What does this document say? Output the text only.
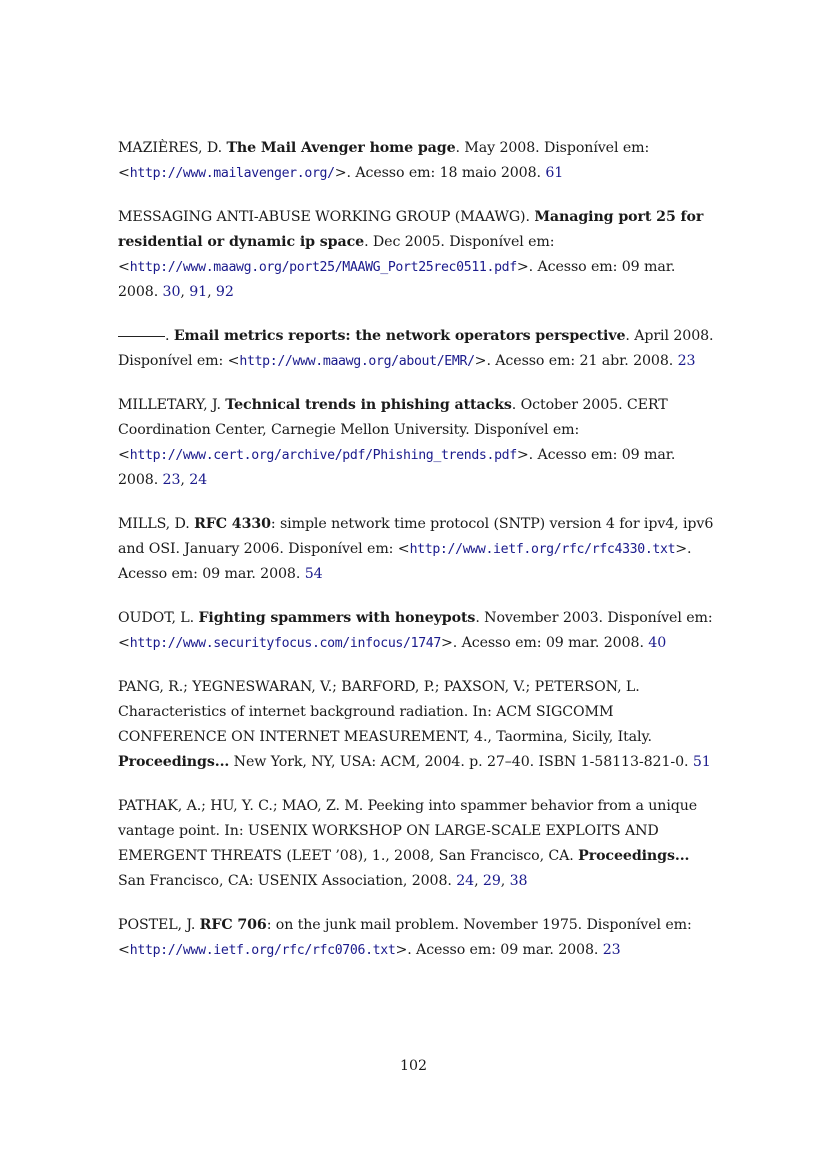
MAZIÈRES, D. The Mail Avenger home page. May 2008. Disponível em: <http://www.mailavenger.org/>. Acesso em: 18 maio 2008. 61

MESSAGING ANTI-ABUSE WORKING GROUP (MAAWG). Managing port 25 for residential or dynamic ip space. Dec 2005. Disponível em: <http://www.maawg.org/port25/MAAWG_Port25rec0511.pdf>. Acesso em: 09 mar. 2008. 30, 91, 92

. Email metrics reports: the network operators perspective. April 2008. Disponível em: <http://www.maawg.org/about/EMR/>. Acesso em: 21 abr. 2008. 23

MILLETARY, J. Technical trends in phishing attacks. October 2005. CERT Coordination Center, Carnegie Mellon University. Disponível em: <http://www.cert.org/archive/pdf/Phishing_trends.pdf>. Acesso em: 09 mar. 2008. 23, 24

MILLS, D. RFC 4330: simple network time protocol (SNTP) version 4 for ipv4, ipv6 and OSI. January 2006. Disponível em: <http://www.ietf.org/rfc/rfc4330.txt>. Acesso em: 09 mar. 2008. 54

OUDOT, L. Fighting spammers with honeypots. November 2003. Disponível em: <http://www.securityfocus.com/infocus/1747>. Acesso em: 09 mar. 2008. 40

PANG, R.; YEGNESWARAN, V.; BARFORD, P.; PAXSON, V.; PETERSON, L. Characteristics of internet background radiation. In: ACM SIGCOMM CONFERENCE ON INTERNET MEASUREMENT, 4., Taormina, Sicily, Italy. Proceedings... New York, NY, USA: ACM, 2004. p. 27–40. ISBN 1-58113-821-0. 51

PATHAK, A.; HU, Y. C.; MAO, Z. M. Peeking into spammer behavior from a unique vantage point. In: USENIX WORKSHOP ON LARGE-SCALE EXPLOITS AND EMERGENT THREATS (LEET ’08), 1., 2008, San Francisco, CA. Proceedings... San Francisco, CA: USENIX Association, 2008. 24, 29, 38

POSTEL, J. RFC 706: on the junk mail problem. November 1975. Disponível em: <http://www.ietf.org/rfc/rfc0706.txt>. Acesso em: 09 mar. 2008. 23

102
